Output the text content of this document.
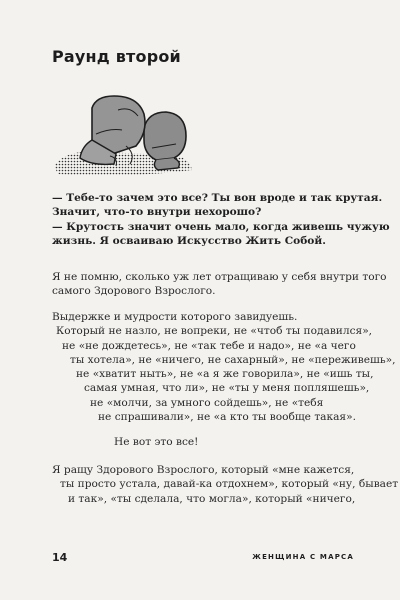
Раунд второй
— Тебе-то зачем это все? Ты вон вроде и так крутая.
Значит, что-то внутри нехорошо?
— Крутость значит очень мало, когда живешь чужую
жизнь. Я осваиваю Искусство Жить Собой.
Я не помню, сколько уж лет отращиваю у себя внутри того
самого Здорового Взрослого.
Выдержке и мудрости которого завидуешь.
Который не назло, не вопреки, не «чтоб ты подавился»,
не «не дождетесь», не «так тебе и надо», не «а чего
ты хотела», не «ничего, не сахарный», не «переживешь»,
не «хватит ныть», не «а я же говорила», не «ишь ты,
самая умная, что ли», не «ты у меня попляшешь»,
не «молчи, за умного сойдешь», не «тебя
не спрашивали», не «а кто ты вообще такая».
Не вот это все!
Я ращу Здорового Взрослого, который «мне кажется,
ты просто устала, давай-ка отдохнем», который «ну, бывает
и так», «ты сделала, что могла», который «ничего,
14	ЖЕНЩИНА С МАРСА
